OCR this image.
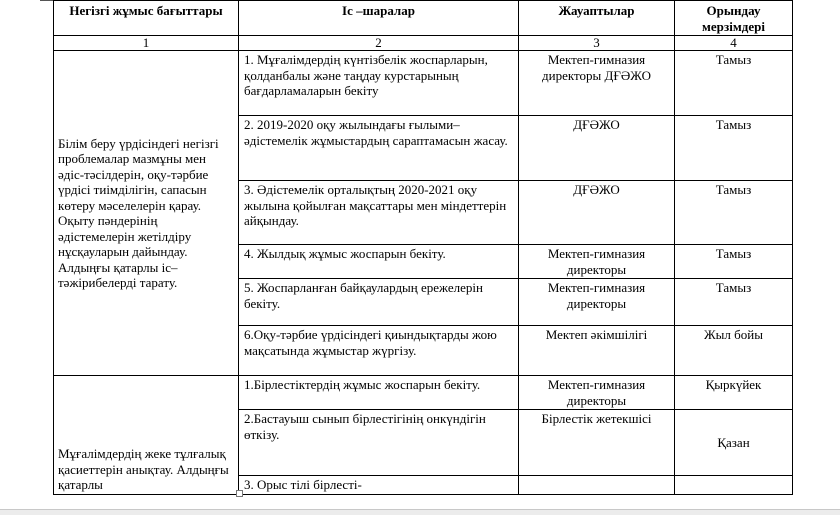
Негізгі жұмыс бағыттары	Іс –шаралар	Жауаптылар	Орындау мерзімдері
1	2	3	4
Білім беру үрдісіндегі негізгі проблемалар мазмұны мен әдіс-тәсілдерін, оқу-тәрбие үрдісі тиімділігін, сапасын көтеру мәселелерін қарау. Оқыту пәндерінің әдістемелерін жетілдіру нұсқауларын дайындау. Алдыңғы қатарлы іс–тәжірибелерді тарату.	1. Мұғалімдердің күнтізбелік жоспарларын, қолданбалы және таңдау курстарының бағдарламаларын бекіту	Мектеп-гимназия директоры ДҒӘЖО	Тамыз
	2. 2019-2020 оқу жылындағы ғылыми–әдістемелік жұмыстардың сараптамасын жасау.	ДҒӘЖО	Тамыз
	3. Әдістемелік орталықтың 2020-2021 оқу жылына қойылған мақсаттары мен міндеттерін айқындау.	ДҒӘЖО	Тамыз
	4. Жылдық жұмыс жоспарын бекіту.	Мектеп-гимназия директоры	Тамыз
	5. Жоспарланған байқаулардың ережелерін бекіту.	Мектеп-гимназия директоры	Тамыз
	6.Оқу-тәрбие үрдісіндегі қиындықтарды жою мақсатында жұмыстар жүргізу.	Мектеп әкімшілігі	Жыл бойы
Мұғалімдердің жеке тұлғалық қасиеттерін анықтау. Алдыңғы қатарлы	1.Бірлестіктердің жұмыс жоспарын бекіту.	Мектеп-гимназия директоры	Қыркүйек
	2.Бастауыш сынып бірлестігінің онкүндігін өткізу.	Бірлестік жетекшісі	Қазан
	3. Орыс тілі бірлесті-		
